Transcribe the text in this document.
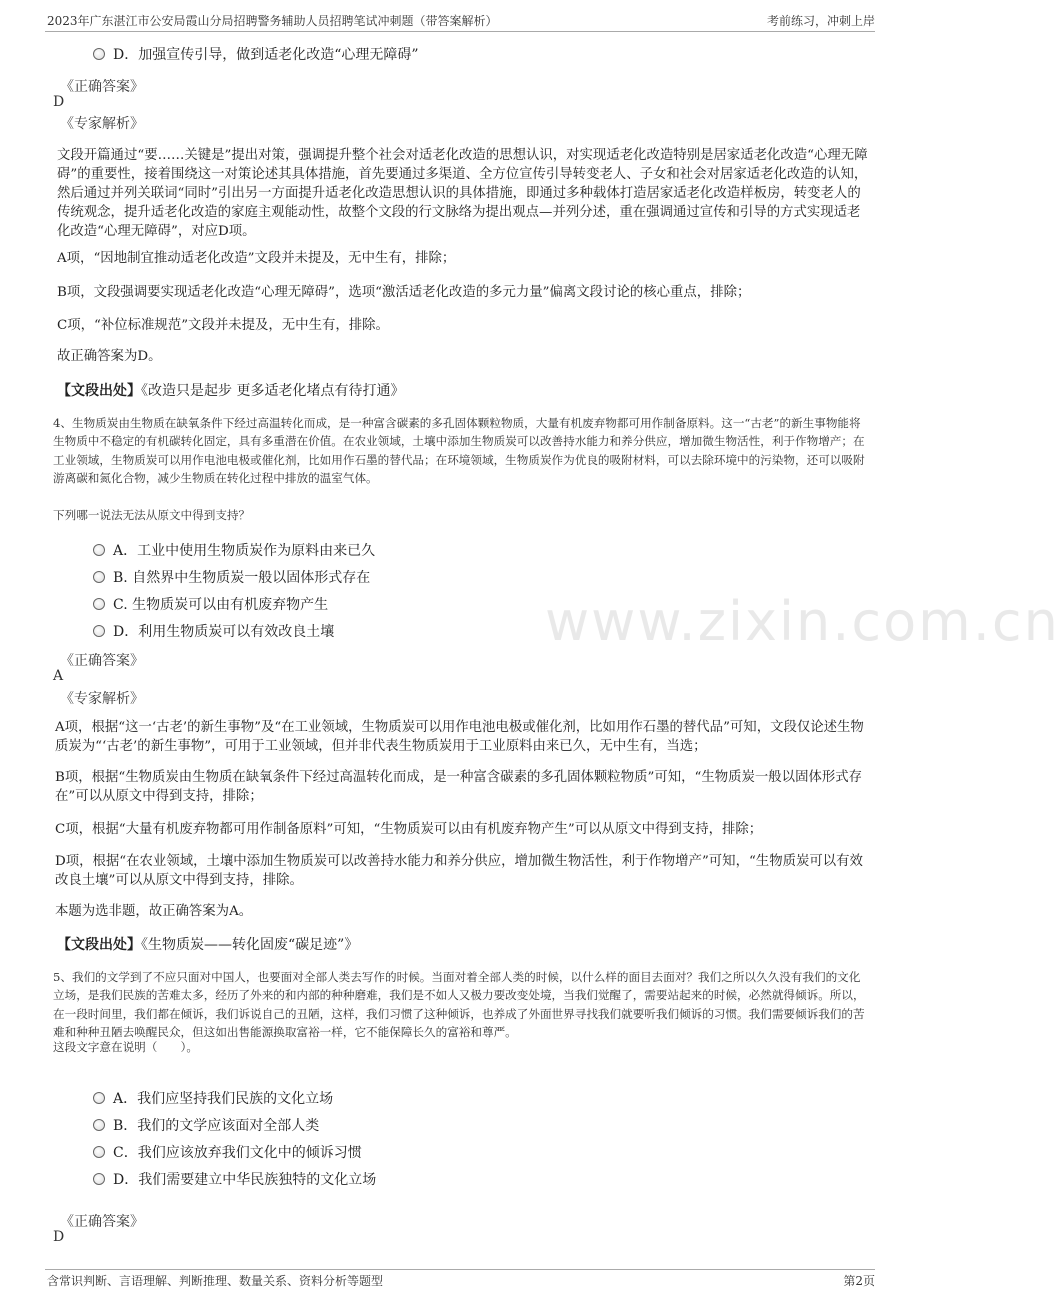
2023年广东湛江市公安局霞山分局招聘警务辅助人员招聘笔试冲刺题（带答案解析）	考前练习，冲刺上岸
www.zixin.com.cn
D．加强宣传引导，做到适老化改造“心理无障碍”
《正确答案》
D
《专家解析》
文段开篇通过“要……关键是”提出对策，强调提升整个社会对适老化改造的思想认识，对实现适老化改造特别是居家适老化改造“心理无障碍”的重要性，接着围绕这一对策论述其具体措施，首先要通过多渠道、全方位宣传引导转变老人、子女和社会对居家适老化改造的认知，然后通过并列关联词“同时”引出另一方面提升适老化改造思想认识的具体措施，即通过多种载体打造居家适老化改造样板房，转变老人的传统观念，提升适老化改造的家庭主观能动性，故整个文段的行文脉络为提出观点—并列分述，重在强调通过宣传和引导的方式实现适老化改造“心理无障碍”，对应D项。
A项，“因地制宜推动适老化改造”文段并未提及，无中生有，排除；
B项，文段强调要实现适老化改造“心理无障碍”，选项“激活适老化改造的多元力量”偏离文段讨论的核心重点，排除；
C项，“补位标准规范”文段并未提及，无中生有，排除。
故正确答案为D。
【文段出处】《改造只是起步 更多适老化堵点有待打通》
4、生物质炭由生物质在缺氧条件下经过高温转化而成，是一种富含碳素的多孔固体颗粒物质，大量有机废弃物都可用作制备原料。这一“古老”的新生事物能将生物质中不稳定的有机碳转化固定，具有多重潜在价值。在农业领域，土壤中添加生物质炭可以改善持水能力和养分供应，增加微生物活性，利于作物增产；在工业领域，生物质炭可以用作电池电极或催化剂，比如用作石墨的替代品；在环境领域，生物质炭作为优良的吸附材料，可以去除环境中的污染物，还可以吸附游离碳和氮化合物，减少生物质在转化过程中排放的温室气体。
下列哪一说法无法从原文中得到支持？
A．工业中使用生物质炭作为原料由来已久
B. 自然界中生物质炭一般以固体形式存在
C. 生物质炭可以由有机废弃物产生
D．利用生物质炭可以有效改良土壤
《正确答案》
A
《专家解析》
A项，根据“这一‘古老’的新生事物”及“在工业领域，生物质炭可以用作电池电极或催化剂，比如用作石墨的替代品”可知，文段仅论述生物质炭为“‘古老’的新生事物”，可用于工业领域，但并非代表生物质炭用于工业原料由来已久，无中生有，当选；
B项，根据“生物质炭由生物质在缺氧条件下经过高温转化而成，是一种富含碳素的多孔固体颗粒物质”可知，“生物质炭一般以固体形式存在”可以从原文中得到支持，排除；
C项，根据“大量有机废弃物都可用作制备原料”可知，“生物质炭可以由有机废弃物产生”可以从原文中得到支持，排除；
D项，根据“在农业领域，土壤中添加生物质炭可以改善持水能力和养分供应，增加微生物活性，利于作物增产”可知，“生物质炭可以有效改良土壤”可以从原文中得到支持，排除。
本题为选非题，故正确答案为A。
【文段出处】《生物质炭——转化固废“碳足迹”》
5、我们的文学到了不应只面对中国人，也要面对全部人类去写作的时候。当面对着全部人类的时候，以什么样的面目去面对？我们之所以久久没有我们的文化立场，是我们民族的苦难太多，经历了外来的和内部的种种磨难，我们是不如人又极力要改变处境，当我们觉醒了，需要站起来的时候，必然就得倾诉。所以，在一段时间里，我们都在倾诉，我们诉说自己的丑陋，这样，我们习惯了这种倾诉，也养成了外面世界寻找我们就要听我们倾诉的习惯。我们需要倾诉我们的苦难和种种丑陋去唤醒民众，但这如出售能源换取富裕一样，它不能保障长久的富裕和尊严。
这段文字意在说明（　　）。
A．我们应坚持我们民族的文化立场
B．我们的文学应该面对全部人类
C．我们应该放弃我们文化中的倾诉习惯
D．我们需要建立中华民族独特的文化立场
《正确答案》
D
含常识判断、言语理解、判断推理、数量关系、资料分析等题型	第2页
